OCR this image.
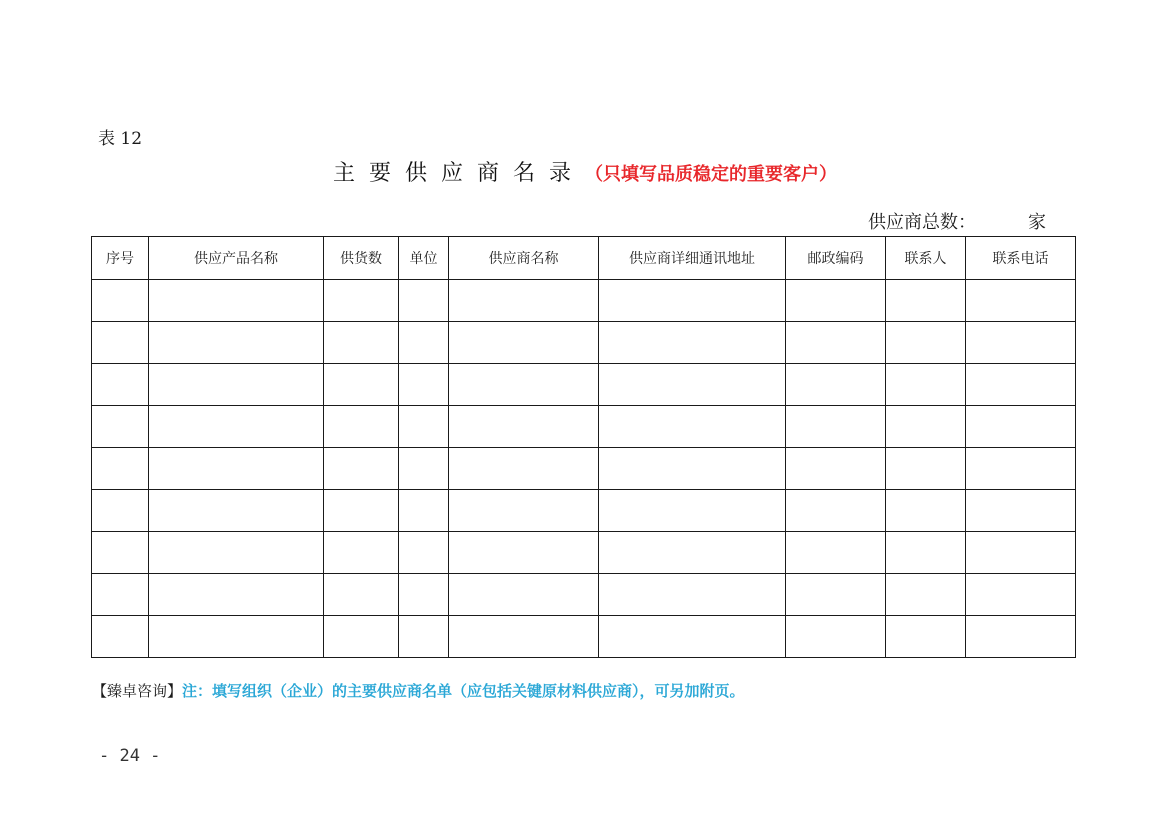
表 12
主要供应商名录（只填写品质稳定的重要客户）
供应商总数：	家
序号	供应产品名称	供货数	单位	供应商名称	供应商详细通讯地址	邮政编码	联系人	联系电话

【臻卓咨询】注：填写组织（企业）的主要供应商名单（应包括关键原材料供应商），可另加附页。
- 24 -
